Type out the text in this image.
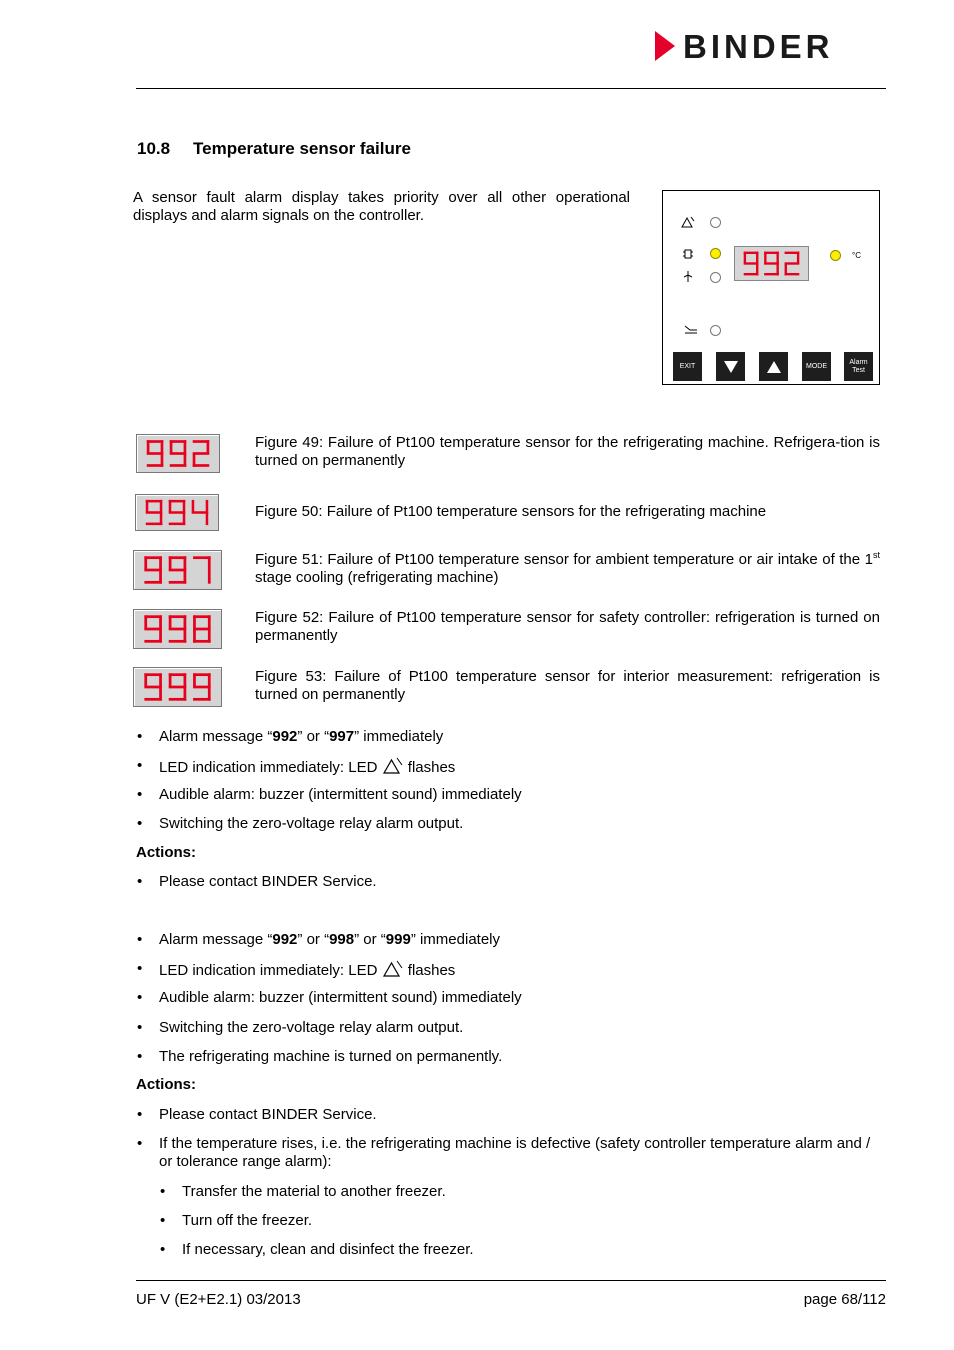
BINDER
10.8 Temperature sensor failure
A sensor fault alarm display takes priority over all other operational displays and alarm signals on the controller.
°C
EXIT	MODE
Alarm Test
Figure 49: Failure of Pt100 temperature sensor for the refrigerating machine. Refrigera-tion is turned on permanently
Figure 50: Failure of Pt100 temperature sensors for the refrigerating machine
Figure 51: Failure of Pt100 temperature sensor for ambient temperature or air intake of the 1st stage cooling (refrigerating machine)
Figure 52: Failure of Pt100 temperature sensor for safety controller: refrigeration is turned on permanently
Figure 53: Failure of Pt100 temperature sensor for interior measurement: refrigeration is turned on permanently
• Alarm message “992” or “997” immediately
• LED indication immediately: LED  flashes
• Audible alarm: buzzer (intermittent sound) immediately
• Switching the zero-voltage relay alarm output.
Actions:
• Please contact BINDER Service.
• Alarm message “992” or “998” or “999” immediately
• LED indication immediately: LED  flashes
• Audible alarm: buzzer (intermittent sound) immediately
• Switching the zero-voltage relay alarm output.
• The refrigerating machine is turned on permanently.
Actions:
• Please contact BINDER Service.
• If the temperature rises, i.e. the refrigerating machine is defective (safety controller temperature alarm and / or tolerance range alarm):
• Transfer the material to another freezer.
• Turn off the freezer.
• If necessary, clean and disinfect the freezer.
UF V (E2+E2.1) 03/2013	page 68/112
